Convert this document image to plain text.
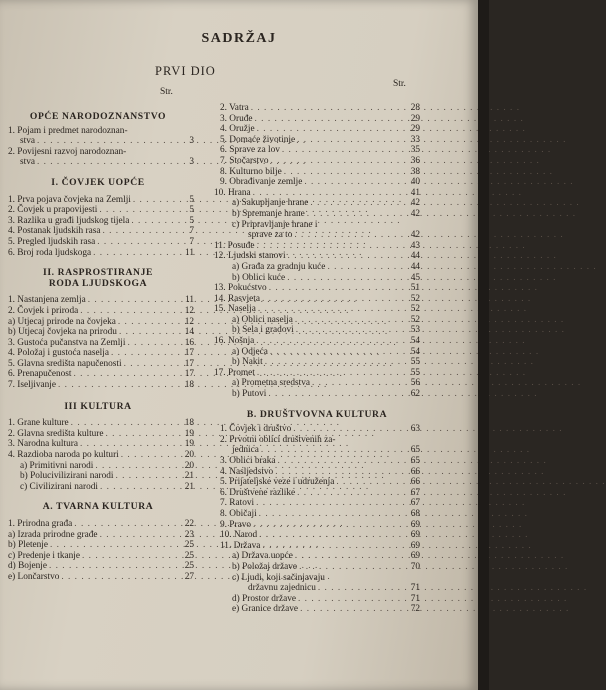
SADRŽAJ
PRVI DIO
Str.
Str.
OPĆE NARODOZNANSTVO
1. Pojam i predmet narodoznan-
stva . . .	3
2. Povijesni razvoj narodoznan-
stva . . .	3
I. ČOVJEK UOPĆE
1. Prva pojava čovjeka na Zemlji . . .	5
2. Čovjek u prapovijesti . . .	5
3. Razlika u građi ljudskog tijela . . .	5
4. Postanak ljudskih rasa . . .	7
5. Pregled ljudskih rasa . . .	7
6. Broj roda ljudskoga . . .	11
II. RASPROSTIRANJE
RODA LJUDSKOGA
1. Nastanjena zemlja . . .	11
2. Čovjek i priroda . . .	12
a) Utjecaj prirode na čovjeka . . .	12
b) Utjecaj čovjeka na prirodu . . .	14
3. Gustoća pučanstva na Zemlji . . .	16
4. Položaj i gustoća naselja . . .	17
5. Glavna središta napučenosti . . .	17
6. Prenapučenost . . .	17
7. Iseljivanje . . .	18
III KULTURA
1. Grane kulture . . .	18
2. Glavna središta kulture . . .	19
3. Narodna kultura . . .	19
4. Razdioba naroda po kulturi . . .	20
a) Primitivni narodi . . .	20
b) Polucivilizirani narodi . . .	21
c) Civilizirani narodi . . .	21
A. TVARNA KULTURA
1. Prirodna građa . . .	22
a) Izrada prirodne građe . . .	23
b) Pletenje . . .	25
c) Predenje i tkanje . . .	25
d) Bojenje . . .	25
e) Lončarstvo . . .	27
2. Vatra . . .	28
3. Oruđe . . .	29
4. Oružje . . .	29
5. Domaće životinje . . .	33
6. Sprave za lov . . .	35
7. Stočarstvo . . .	36
8. Kulturno bilje . . .	38
9. Obrađivanje zemlje . . .	40
10. Hrana . . .	41
a) Sakupljanje hrane . . .	42
b) Spremanje hrane . . .	42
c) Pripravljanje hrane i
sprave za to . . .	42
11. Posuđe . . .	43
12. Ljudski stanovi . . .	44
a) Građa za gradnju kuće . . .	44
b) Oblici kuće . . .	45
13. Pokućstvo . . .	51
14. Rasvjeta . . .	52
15. Naselja . . .	52
a) Oblici naselja . . .	52
b) Sela i gradovi . . .	53
16. Nošnja . . .	54
a) Odjeća . . .	54
b) Nakit . . .	55
17. Promet . . .	55
a) Prometna sredstva . . .	56
b) Putovi . . .	62
B. DRUŠTVOVNA KULTURA
1. Čovjek i društvo . . .	63
2. Prvotni oblici društvenih za-
jednica . . .	65
3. Oblici braka . . .	65
4. Nasljedstvo . . .	66
5. Prijateljske veze i udruženja . . .	66
6. Društvene razlike . . .	67
7. Ratovi . . .	67
8. Običaji . . .	68
9. Pravo . . .	69
10. Narod . . .	69
11. Država . . .	69
a) Država uopće . . .	69
b) Položaj države . . .	70
c) Ljudi, koji sačinjavaju
državnu zajednicu . . .	71
d) Prostor države . . .	71
e) Granice države . . .	72
